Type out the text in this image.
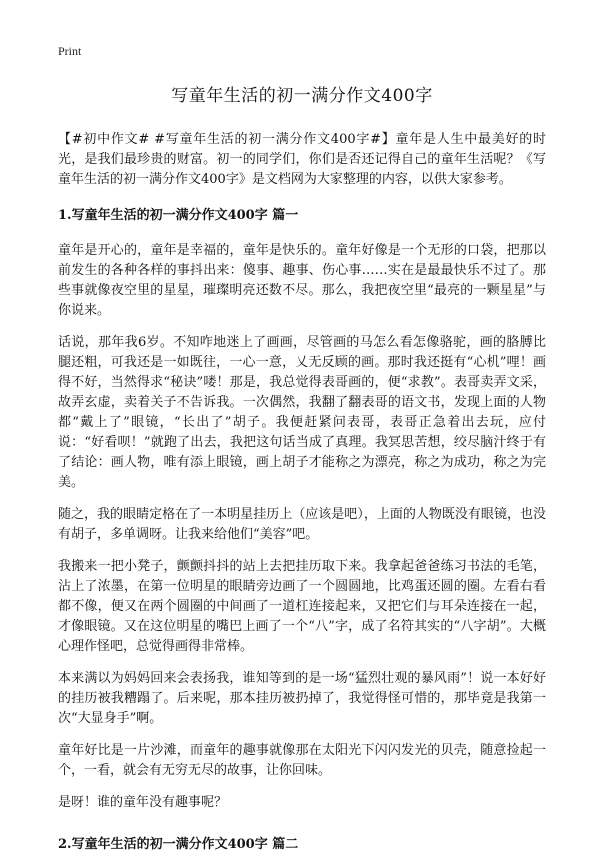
Print
写童年生活的初一满分作文400字

【#初中作文# #写童年生活的初一满分作文400字#】童年是人生中最美好的时光，是我们最珍贵的财富。初一的同学们，你们是否还记得自己的童年生活呢？《写童年生活的初一满分作文400字》是文档网为大家整理的内容，以供大家参考。

1.写童年生活的初一满分作文400字 篇一

童年是开心的，童年是幸福的，童年是快乐的。童年好像是一个无形的口袋，把那以前发生的各种各样的事抖出来：傻事、趣事、伤心事……实在是最最快乐不过了。那些事就像夜空里的星星，璀璨明亮还数不尽。那么，我把夜空里“最亮的一颗星星”与你说来。

话说，那年我6岁。不知咋地迷上了画画，尽管画的马怎么看怎像骆驼，画的胳膊比腿还粗，可我还是一如既往，一心一意，乂无反顾的画。那时我还挺有“心机”哩！画得不好，当然得求“秘诀”喽！那是，我总觉得表哥画的，便“求教”。表哥卖弄文采，故弄玄虚，卖着关子不告诉我。一次偶然，我翻了翻表哥的语文书，发现上面的人物都“戴上了”眼镜，“长出了”胡子。我便赶紧问表哥，表哥正急着出去玩，应付说：“好看呗！”就跑了出去，我把这句话当成了真理。我冥思苦想，绞尽脑汁终于有了结论：画人物，唯有添上眼镜，画上胡子才能称之为漂亮，称之为成功，称之为完美。

随之，我的眼睛定格在了一本明星挂历上（应该是吧），上面的人物既没有眼镜，也没有胡子，多单调呀。让我来给他们“美容”吧。

我搬来一把小凳子，颤颤抖抖的站上去把挂历取下来。我拿起爸爸练习书法的毛笔，沾上了浓墨，在第一位明星的眼睛旁边画了一个圆圆地，比鸡蛋还圆的圈。左看右看都不像，便又在两个圆圈的中间画了一道杠连接起来，又把它们与耳朵连接在一起，才像眼镜。又在这位明星的嘴巴上画了一个“八”字，成了名符其实的“八字胡”。大概心理作怪吧，总觉得画得非常棒。

本来满以为妈妈回来会表扬我，谁知等到的是一场“猛烈壮观的暴风雨”！说一本好好的挂历被我糟蹋了。后来呢，那本挂历被扔掉了，我觉得怪可惜的，那毕竟是我第一次“大显身手”啊。

童年好比是一片沙滩，而童年的趣事就像那在太阳光下闪闪发光的贝壳，随意捡起一个，一看，就会有无穷无尽的故事，让你回味。

是呀！谁的童年没有趣事呢？

2.写童年生活的初一满分作文400字 篇二
